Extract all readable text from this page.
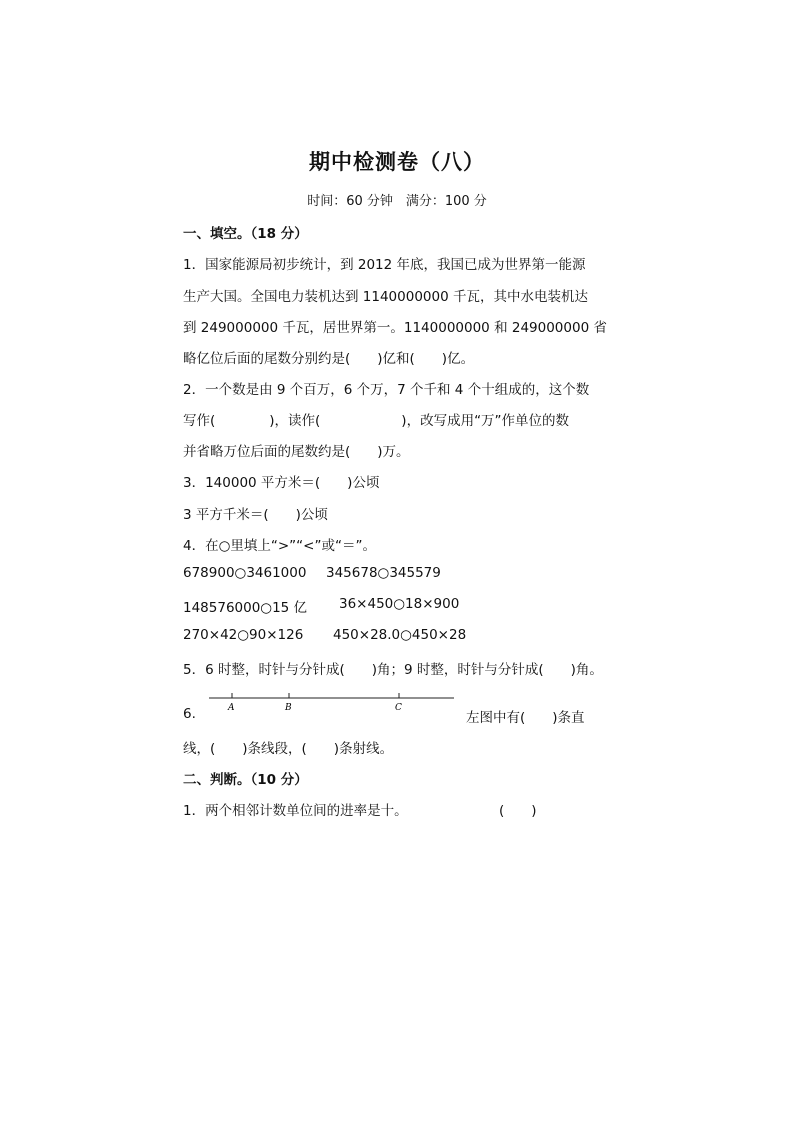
期中检测卷（八）
时间：60 分钟　满分：100 分
一、填空。（18 分）
1．国家能源局初步统计，到 2012 年底，我国已成为世界第一能源
生产大国。全国电力装机达到 1140000000 千瓦，其中水电装机达
到 249000000 千瓦，居世界第一。1140000000 和 249000000 省
略亿位后面的尾数分别约是(　　)亿和(　　)亿。
2．一个数是由 9 个百万，6 个万，7 个千和 4 个十组成的，这个数
写作(　　　　)，读作(　　　　　　)，改写成用“万”作单位的数
并省略万位后面的尾数约是(　　)万。
3．140000 平方米＝(　　)公顷
3 平方千米＝(　　)公顷
4．在○里填上“>”“<”或“＝”。
678900○3461000 345678○345579
148576000○15 亿 36×450○18×900
270×42○90×126 450×28.0○450×28
5．6 时整，时针与分针成(　　)角；9 时整，时针与分针成(　　)角。
6.	A	B	C
左图中有(　　)条直
线，(　　)条线段，(　　)条射线。
二、判断。（10 分）
1．两个相邻计数单位间的进率是十。	(　　)
